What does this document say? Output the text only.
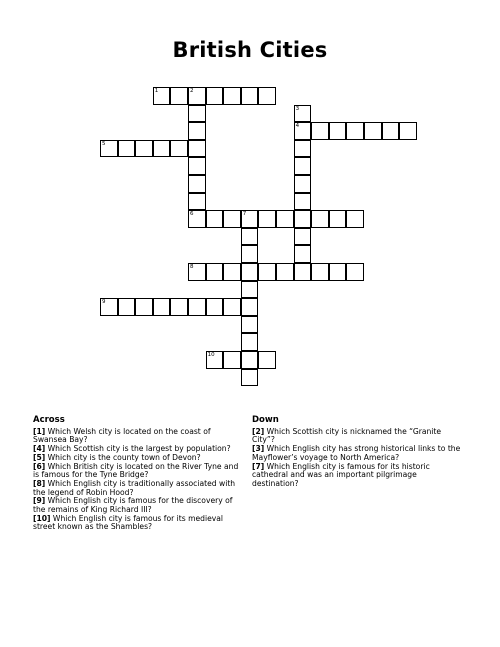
British Cities
1	2
6
3
4
5
7
8
9
10
Across

[1] Which Welsh city is located on the coast of Swansea Bay?

[4] Which Scottish city is the largest by population?

[5] Which city is the county town of Devon?

[6] Which British city is located on the River Tyne and is famous for the Tyne Bridge?

[8] Which English city is traditionally associated with the legend of Robin Hood?

[9] Which English city is famous for the discovery of the remains of King Richard III?

[10] Which English city is famous for its medieval street known as the Shambles?

Down

[2] Which Scottish city is nicknamed the “Granite City”?

[3] Which English city has strong historical links to the Mayflower’s voyage to North America?

[7] Which English city is famous for its historic cathedral and was an important pilgrimage destination?
